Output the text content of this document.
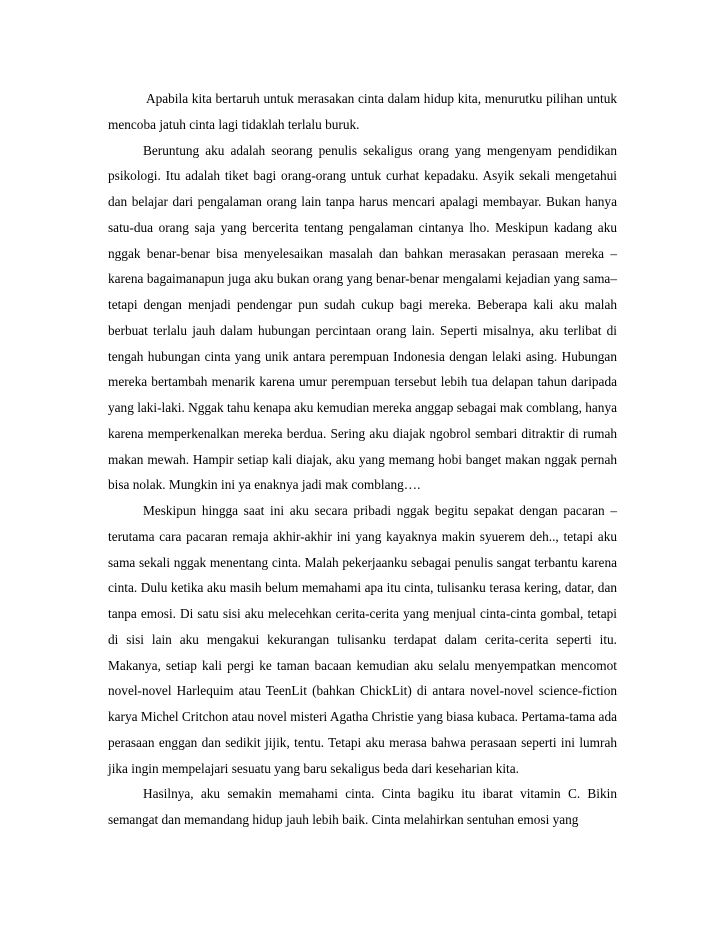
Apabila kita bertaruh untuk merasakan cinta dalam hidup kita, menurutku pilihan untuk mencoba jatuh cinta lagi tidaklah terlalu buruk.

Beruntung aku adalah seorang penulis sekaligus orang yang mengenyam pendidikan psikologi. Itu adalah tiket bagi orang-orang untuk curhat kepadaku. Asyik sekali mengetahui dan belajar dari pengalaman orang lain tanpa harus mencari apalagi membayar. Bukan hanya satu-dua orang saja yang bercerita tentang pengalaman cintanya lho. Meskipun kadang aku nggak benar-benar bisa menyelesaikan masalah dan bahkan merasakan perasaan mereka –karena bagaimanapun juga aku bukan orang yang benar-benar mengalami kejadian yang sama– tetapi dengan menjadi pendengar pun sudah cukup bagi mereka. Beberapa kali aku malah berbuat terlalu jauh dalam hubungan percintaan orang lain. Seperti misalnya, aku terlibat di tengah hubungan cinta yang unik antara perempuan Indonesia dengan lelaki asing. Hubungan mereka bertambah menarik karena umur perempuan tersebut lebih tua delapan tahun daripada yang laki-laki. Nggak tahu kenapa aku kemudian mereka anggap sebagai mak comblang, hanya karena memperkenalkan mereka berdua. Sering aku diajak ngobrol sembari ditraktir di rumah makan mewah. Hampir setiap kali diajak, aku yang memang hobi banget makan nggak pernah bisa nolak. Mungkin ini ya enaknya jadi mak comblang….

Meskipun hingga saat ini aku secara pribadi nggak begitu sepakat dengan pacaran –terutama cara pacaran remaja akhir-akhir ini yang kayaknya makin syuerem deh.., tetapi aku sama sekali nggak menentang cinta. Malah pekerjaanku sebagai penulis sangat terbantu karena cinta. Dulu ketika aku masih belum memahami apa itu cinta, tulisanku terasa kering, datar, dan tanpa emosi. Di satu sisi aku melecehkan cerita-cerita yang menjual cinta-cinta gombal, tetapi di sisi lain aku mengakui kekurangan tulisanku terdapat dalam cerita-cerita seperti itu. Makanya, setiap kali pergi ke taman bacaan kemudian aku selalu menyempatkan mencomot novel-novel Harlequim atau TeenLit (bahkan ChickLit) di antara novel-novel science-fiction karya Michel Critchon atau novel misteri Agatha Christie yang biasa kubaca. Pertama-tama ada perasaan enggan dan sedikit jijik, tentu. Tetapi aku merasa bahwa perasaan seperti ini lumrah jika ingin mempelajari sesuatu yang baru sekaligus beda dari keseharian kita.

Hasilnya, aku semakin memahami cinta. Cinta bagiku itu ibarat vitamin C. Bikin semangat dan memandang hidup jauh lebih baik. Cinta melahirkan sentuhan emosi yang
